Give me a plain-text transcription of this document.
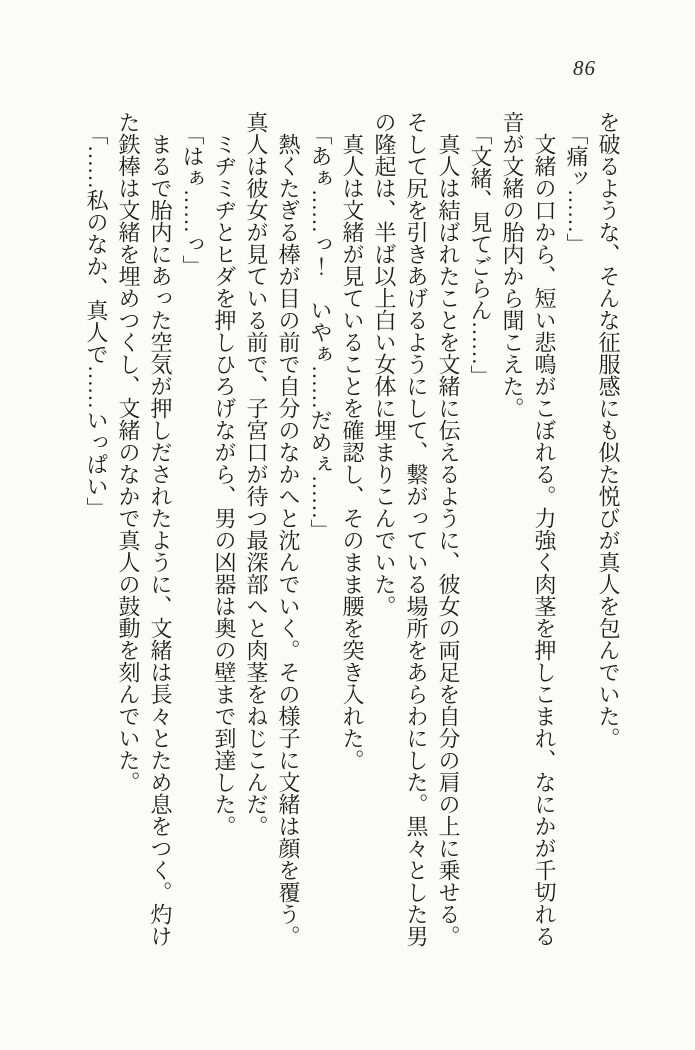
86

を破るような、そんな征服感にも似た悦びが真人を包んでいた。

「痛ッ……」

文緒の口から、短い悲鳴がこぼれる。力強く肉茎を押しこまれ、なにかが千切れる音が文緒の胎内から聞こえた。

「文緒、見てごらん……」

真人は結ばれたことを文緒に伝えるように、彼女の両足を自分の肩の上に乗せる。そして尻を引きあげるようにして、繋がっている場所をあらわにした。黒々とした男の隆起は、半ば以上白い女体に埋まりこんでいた。

真人は文緒が見ていることを確認し、そのまま腰を突き入れた。

「あぁ……っ！　いやぁ……だめぇ……」

熱くたぎる棒が目の前で自分のなかへと沈んでいく。その様子に文緒は顔を覆う。真人は彼女が見ている前で、子宮口が待つ最深部へと肉茎をねじこんだ。

ミヂミヂとヒダを押しひろげながら、男の凶器は奥の壁まで到達した。

「はぁ……っ」

まるで胎内にあった空気が押しだされたように、文緒は長々とため息をつく。灼けた鉄棒は文緒を埋めつくし、文緒のなかで真人の鼓動を刻んでいた。

「……私のなか、真人で……いっぱい」
